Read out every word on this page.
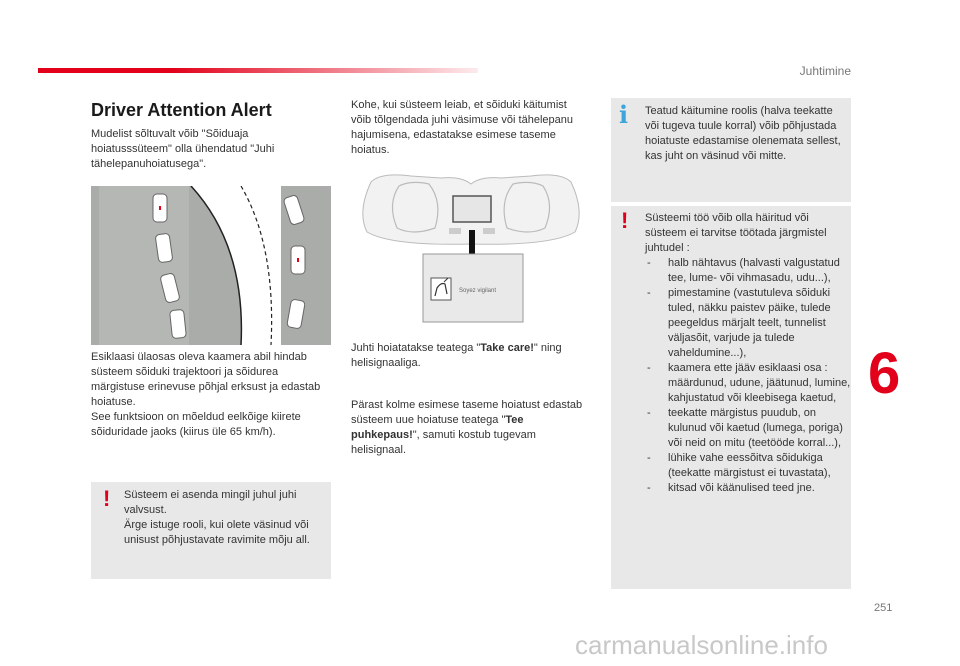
Juhtimine
Driver Attention Alert

Mudelist sõltuvalt võib "Sõiduaja hoiatusssüteem" olla ühendatud "Juhi tähelepanuhoiatusega".

Esiklaasi ülaosas oleva kaamera abil hindab süsteem sõiduki trajektoori ja sõidurea märgistuse erinevuse põhjal erksust ja edastab hoiatuse.

See funktsioon on mõeldud eelkõige kiirete sõiduridade jaoks (kiirus üle 65 km/h).

! Süsteem ei asenda mingil juhul juhi valvsust.

Ärge istuge rooli, kui olete väsinud või unisust põhjustavate ravimite mõju all.

Kohe, kui süsteem leiab, et sõiduki käitumist võib tõlgendada juhi väsimuse või tähelepanu hajumisena, edastatakse esimese taseme hoiatus.

Soyez vigilant

Juhti hoiatatakse teatega "Take care!" ning helisignaaliga.

Pärast kolme esimese taseme hoiatust edastab süsteem uue hoiatuse teatega "Tee puhkepaus!", samuti kostub tugevam helisignaal.

i Teatud käitumine roolis (halva teekatte või tugeva tuule korral) võib põhjustada hoiatuste edastamise olenemata sellest, kas juht on väsinud või mitte.

! Süsteemi töö võib olla häiritud või süsteem ei tarvitse töötada järgmistel juhtudel :

- halb nähtavus (halvasti valgustatud tee, lume- või vihmasadu, udu...),
- pimestamine (vastutuleva sõiduki tuled, näkku paistev päike, tulede peegeldus märjalt teelt, tunnelist väljasõit, varjude ja tulede vaheldumine...),
- kaamera ette jääv esiklaasi osa : määrdunud, udune, jäätunud, lumine, kahjustatud või kleebisega kaetud,
- teekatte märgistus puudub, on kulunud või kaetud (lumega, poriga) või neid on mitu (teetööde korral...),
- lühike vahe eessõitva sõidukiga (teekatte märgistust ei tuvastata),
- kitsad või käänulised teed jne.
6
251
carmanualsonline.info
